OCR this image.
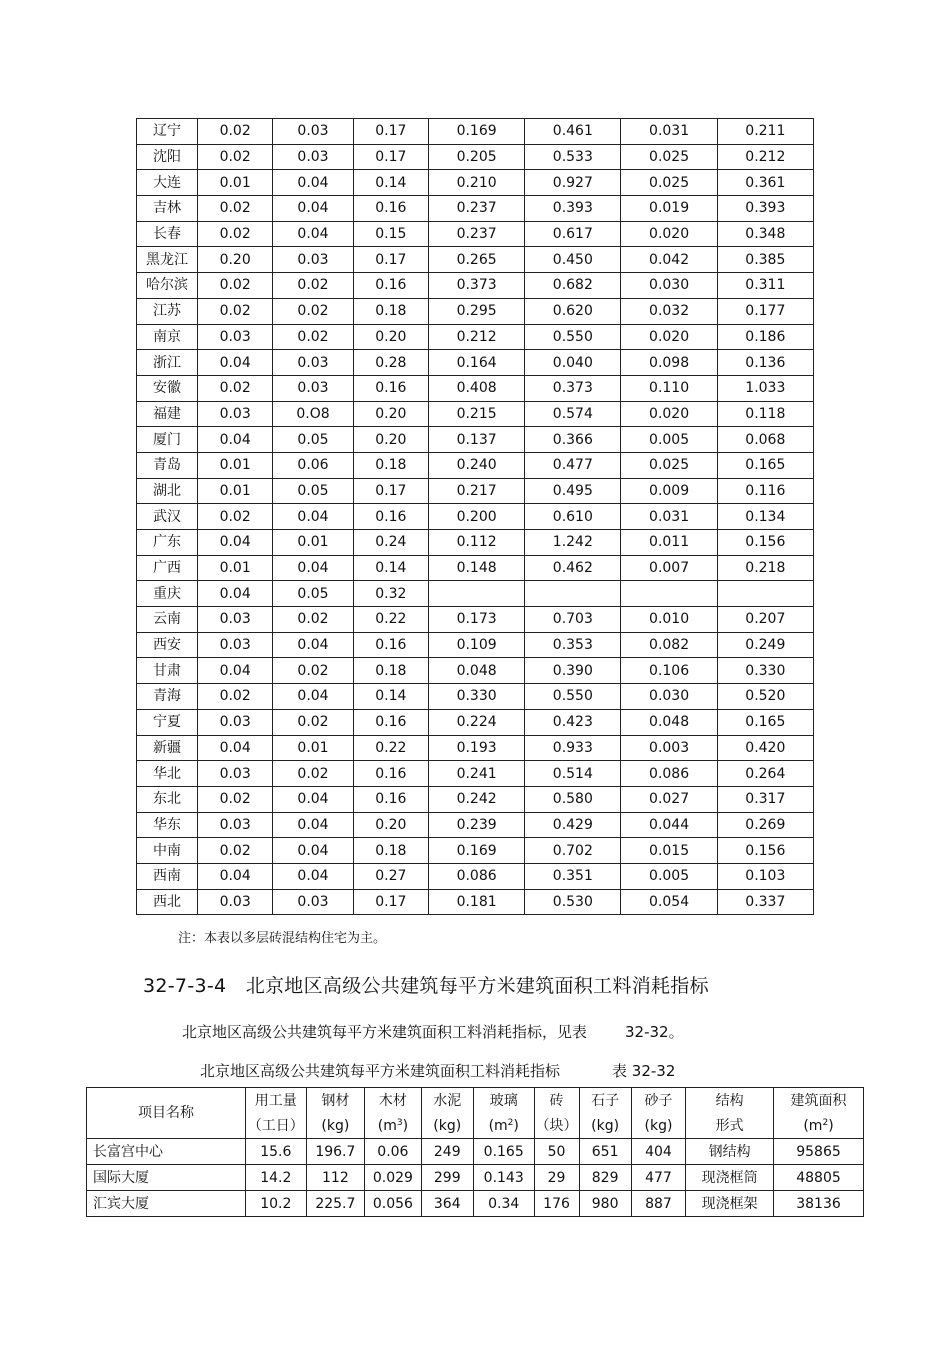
辽宁	0.02	0.03	0.17	0.169	0.461	0.031	0.211
沈阳	0.02	0.03	0.17	0.205	0.533	0.025	0.212
大连	0.01	0.04	0.14	0.210	0.927	0.025	0.361
吉林	0.02	0.04	0.16	0.237	0.393	0.019	0.393
长春	0.02	0.04	0.15	0.237	0.617	0.020	0.348
黑龙江	0.20	0.03	0.17	0.265	0.450	0.042	0.385
哈尔滨	0.02	0.02	0.16	0.373	0.682	0.030	0.311
江苏	0.02	0.02	0.18	0.295	0.620	0.032	0.177
南京	0.03	0.02	0.20	0.212	0.550	0.020	0.186
浙江	0.04	0.03	0.28	0.164	0.040	0.098	0.136
安徽	0.02	0.03	0.16	0.408	0.373	0.110	1.033
福建	0.03	0.O8	0.20	0.215	0.574	0.020	0.118
厦门	0.04	0.05	0.20	0.137	0.366	0.005	0.068
青岛	0.01	0.06	0.18	0.240	0.477	0.025	0.165
湖北	0.01	0.05	0.17	0.217	0.495	0.009	0.116
武汉	0.02	0.04	0.16	0.200	0.610	0.031	0.134
广东	0.04	0.01	0.24	0.112	1.242	0.011	0.156
广西	0.01	0.04	0.14	0.148	0.462	0.007	0.218
重庆	0.04	0.05	0.32				
云南	0.03	0.02	0.22	0.173	0.703	0.010	0.207
西安	0.03	0.04	0.16	0.109	0.353	0.082	0.249
甘肃	0.04	0.02	0.18	0.048	0.390	0.106	0.330
青海	0.02	0.04	0.14	0.330	0.550	0.030	0.520
宁夏	0.03	0.02	0.16	0.224	0.423	0.048	0.165
新疆	0.04	0.01	0.22	0.193	0.933	0.003	0.420
华北	0.03	0.02	0.16	0.241	0.514	0.086	0.264
东北	0.02	0.04	0.16	0.242	0.580	0.027	0.317
华东	0.03	0.04	0.20	0.239	0.429	0.044	0.269
中南	0.02	0.04	0.18	0.169	0.702	0.015	0.156
西南	0.04	0.04	0.27	0.086	0.351	0.005	0.103
西北	0.03	0.03	0.17	0.181	0.530	0.054	0.337
注：本表以多层砖混结构住宅为主。
32-7-3-4　北京地区高级公共建筑每平方米建筑面积工料消耗指标
北京地区高级公共建筑每平方米建筑面积工料消耗指标，见表	32-32。
北京地区高级公共建筑每平方米建筑面积工料消耗指标	表 32-32
项目名称	用工量	钢材	木材	水泥	玻璃	砖	石子	砂子	结构	建筑面积
	（工日）	(kg)	$(m^3)$	(kg)	$(m^2)$	（块）	(kg)	(kg)	形式	$(m^2)$
长富宫中心	15.6	196.7	0.06	249	0.165	50	651	404	钢结构	95865
国际大厦	14.2	112	0.029	299	0.143	29	829	477	现浇框筒	48805
汇宾大厦	10.2	225.7	0.056	364	0.34	176	980	887	现浇框架	38136
